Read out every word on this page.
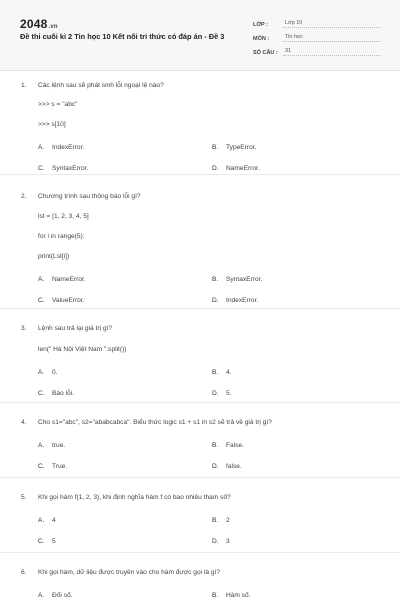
2048.vn
Đề thi cuối kì 2 Tin học 10 Kết nối tri thức có đáp án - Đề 3
LỚP :	Lớp 10
MÔN :	Tin học
SỐ CÂU :	31
1. Các lệnh sau sẽ phát sinh lỗi ngoại lệ nào?
>>> s = "abc"
>>> s[10]
A. IndexError.	B. TypeError.
C. SyntaxError.	D. NameError.
2. Chương trình sau thông báo lỗi gì?
lst = [1, 2, 3, 4, 5]
for i in range(5):
print(Lst[i])
A. NameError.	B. SyntaxError.
C. ValueError.	D. IndexError.
3. Lệnh sau trả lại giá trị gì?
len(" Hà Nội Việt Nam ".split())
A. 0.	B. 4.
C. Báo lỗi.	D. 5.
4. Cho s1="abc", s2="ababcabca". Biểu thức logic s1 + s1 in s2 sẽ trả về giá trị gì?
A. true.	B. False.
C. True.	D. false.
5. Khi gọi hàm f(1, 2, 3), khi định nghĩa hàm f có bao nhiêu tham số?
A. 4	B. 2
C. 5	D. 3
6. Khi gọi hàm, dữ liệu được truyền vào cho hàm được gọi là gì?
A. Đối số.	B. Hàm số.
